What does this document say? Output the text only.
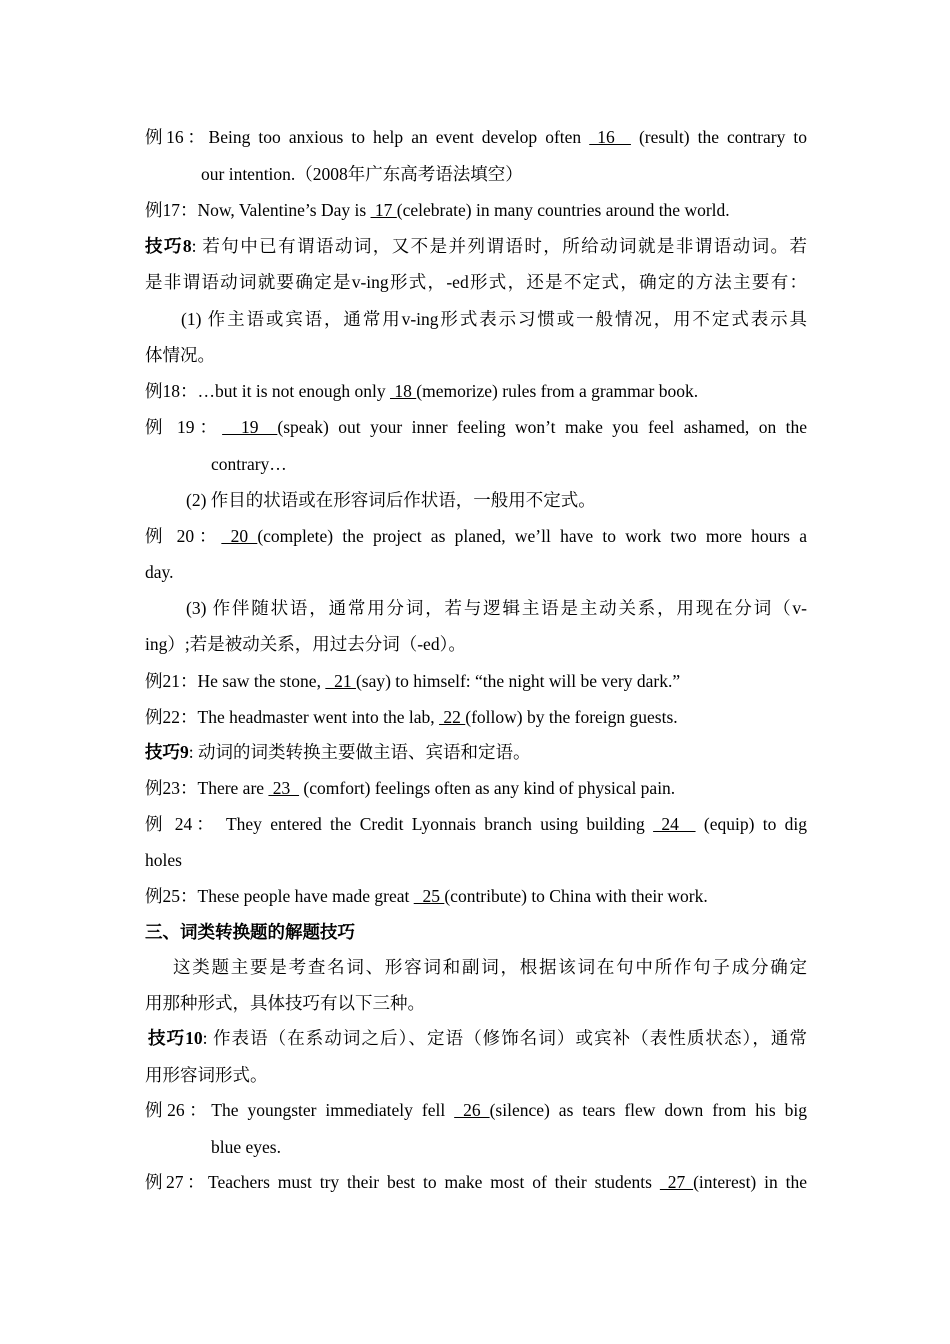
例16：Being too anxious to help an event develop often  16   (result) the contrary to
our intention.（2008年广东高考语法填空）
例17：Now, Valentine’s Day is  17 (celebrate) in many countries around the world.
技巧8: 若句中已有谓语动词，又不是并列谓语时，所给动词就是非谓语动词。若
是非谓语动词就要确定是v-ing形式，-ed形式，还是不定式，确定的方法主要有：
(1) 作主语或宾语，通常用v-ing形式表示习惯或一般情况，用不定式表示具
体情况。
例18：…but it is not enough only  18 (memorize) rules from a grammar book.
例 19：  19  (speak) out your inner feeling won’t make you feel ashamed, on the
contrary…
(2) 作目的状语或在形容词后作状语，一般用不定式。
例 20： 20 (complete) the project as planed, we’ll have to work two more hours a
day.
(3) 作伴随状语，通常用分词，若与逻辑主语是主动关系，用现在分词（v-
ing）;若是被动关系，用过去分词（-ed）。
例21：He saw the stone,   21 (say) to himself: “the night will be very dark.”
例22：The headmaster went into the lab,  22 (follow) by the foreign guests.
技巧9: 动词的词类转换主要做主语、宾语和定语。
例23：There are  23   (comfort) feelings often as any kind of physical pain.
例 24： They entered the Credit Lyonnais branch using building  24   (equip) to dig
holes
例25：These people have made great   25 (contribute) to China with their work.
三、词类转换题的解题技巧
这类题主要是考查名词、形容词和副词，根据该词在句中所作句子成分确定
用那种形式，具体技巧有以下三种。
技巧10: 作表语（在系动词之后）、定语（修饰名词）或宾补（表性质状态），通常
用形容词形式。
例26：The youngster immediately fell  26 (silence) as tears flew down from his big
blue eyes.
例27：Teachers must try their best to make most of their students  27 (interest) in the
